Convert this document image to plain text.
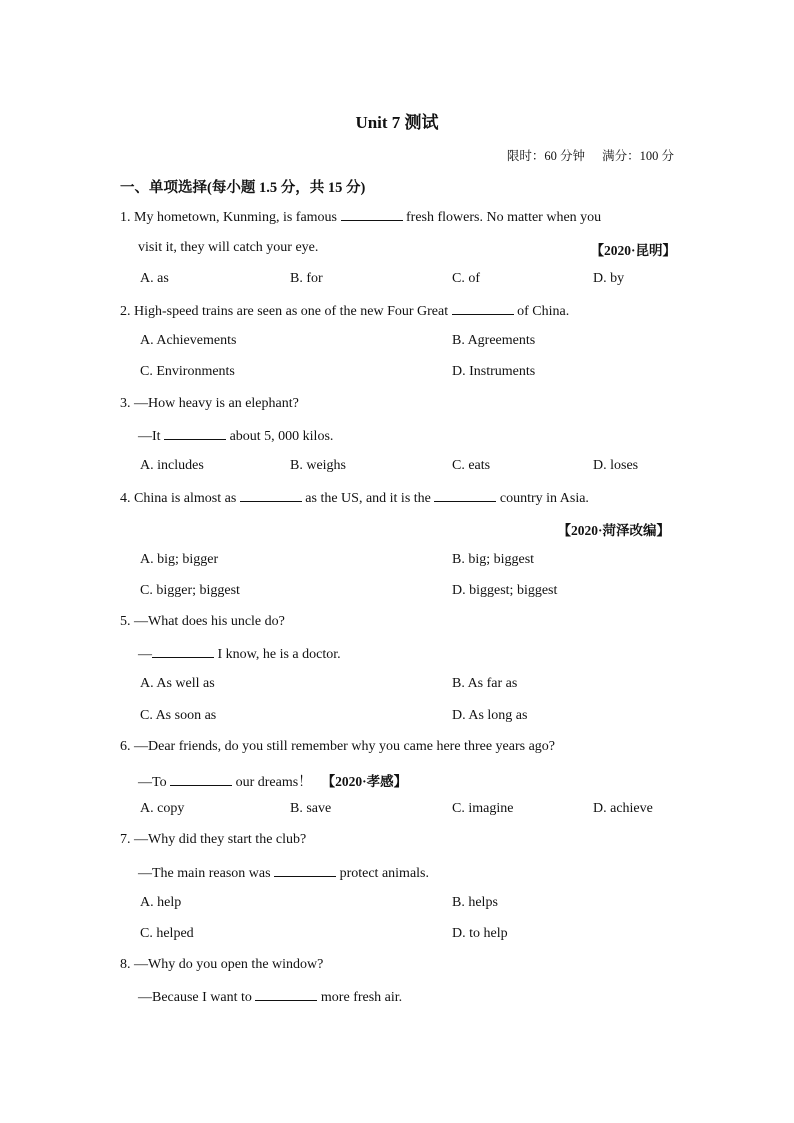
Unit 7 测试
限时：60 分钟 满分：100 分
一、单项选择(每小题 1.5 分，共 15 分)
1. My hometown, Kunming, is famous	fresh flowers. No matter when you
visit it, they will catch your eye.	【2020·昆明】
A. as	B. for	C. of	D. by
2. High-speed trains are seen as one of the new Four Great	of China.
A. Achievements	B. Agreements
C. Environments	D. Instruments
3. —How heavy is an elephant?
—It	about 5, 000 kilos.
A. includes	B. weighs	C. eats	D. loses
4. China is almost as	as the US, and it is the	country in Asia.
【2020·菏泽改编】
A. big; bigger	B. big; biggest
C. bigger; biggest	D. biggest; biggest
5. —What does his uncle do?
—	I know, he is a doctor.
A. As well as	B. As far as
C. As soon as	D. As long as
6. —Dear friends, do you still remember why you came here three years ago?
—To	our dreams！ 【2020·孝感】
A. copy	B. save	C. imagine	D. achieve
7. —Why did they start the club?
—The main reason was	protect animals.
A. help	B. helps
C. helped	D. to help
8. —Why do you open the window?
—Because I want to	more fresh air.
